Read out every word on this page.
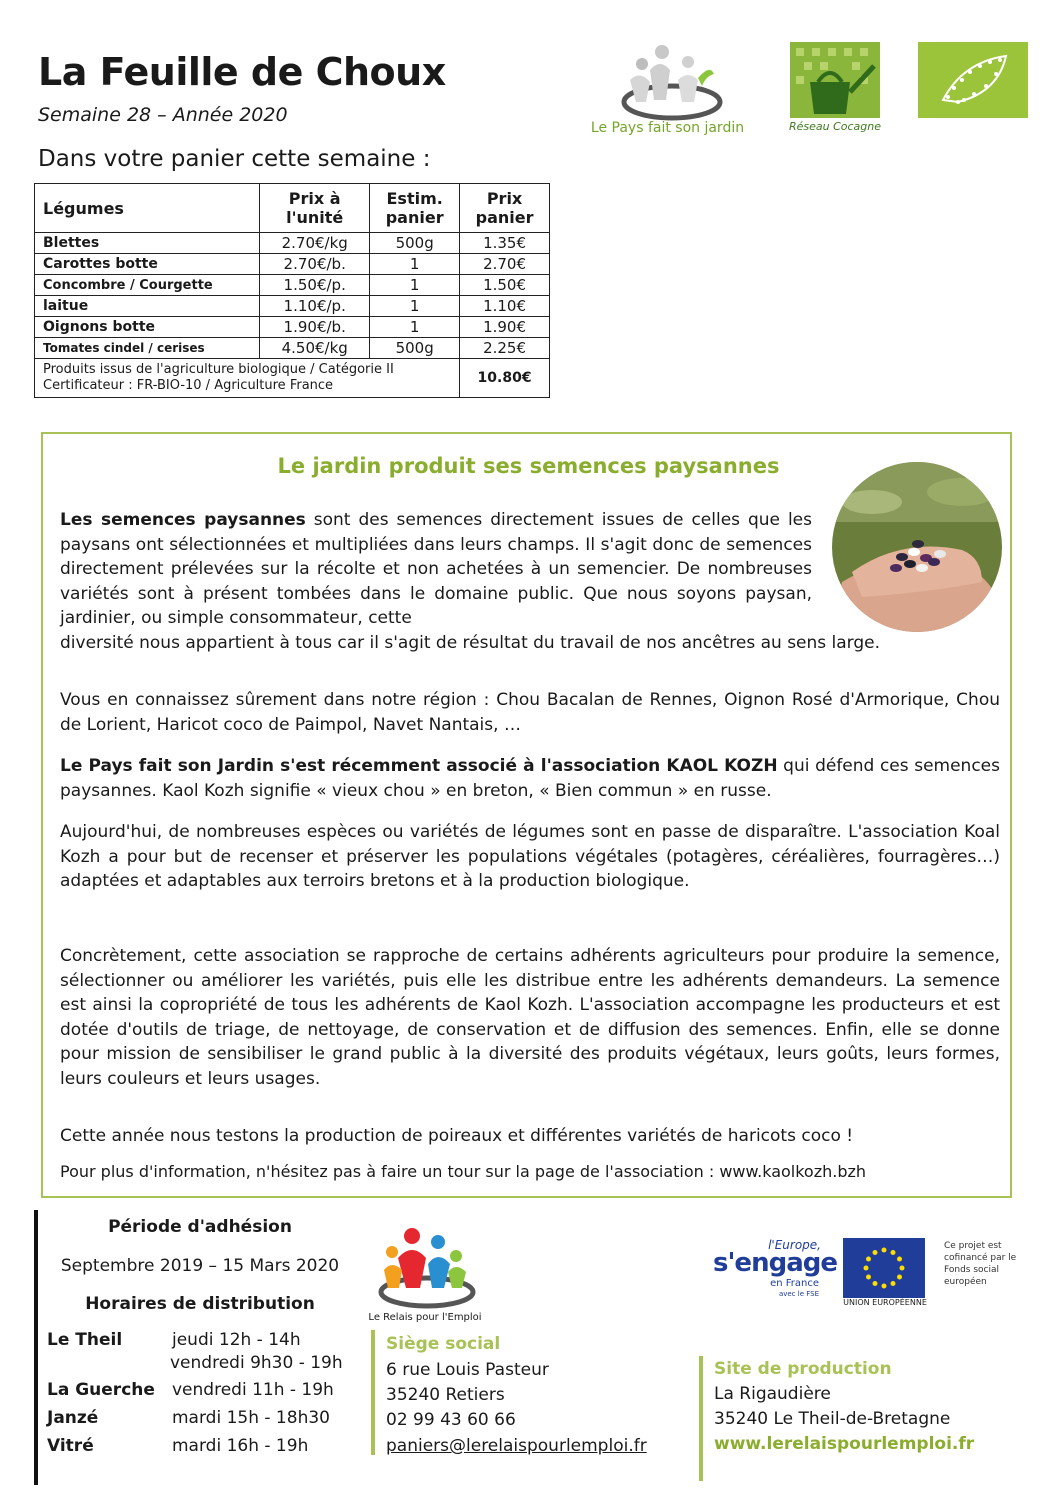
La Feuille de Choux
Semaine 28 – Année 2020
Dans votre panier cette semaine :
Le Pays fait son jardin	Réseau Cocagne
Légumes	Prix à l'unité	Estim. panier	Prix panier
Blettes	2.70€/kg	500g	1.35€
Carottes botte	2.70€/b.	1	2.70€
Concombre / Courgette	1.50€/p.	1	1.50€
laitue	1.10€/p.	1	1.10€
Oignons botte	1.90€/b.	1	1.90€
Tomates cindel / cerises	4.50€/kg	500g	2.25€

Produits issus de l'agriculture biologique / Catégorie II
Certificateur : FR-BIO-10 / Agriculture France			10.80€
Le jardin produit ses semences paysannes
Les semences paysannes sont des semences directement issues de celles que les paysans ont sélectionnées et multipliées dans leurs champs. Il s'agit donc de semences directement prélevées sur la récolte et non achetées à un semencier. De nombreuses variétés sont à présent tombées dans le domaine public. Que nous soyons paysan, jardinier, ou simple consommateur, cette
diversité nous appartient à tous car il s'agit de résultat du travail de nos ancêtres au sens large.
Vous en connaissez sûrement dans notre région : Chou Bacalan de Rennes, Oignon Rosé d'Armorique, Chou de Lorient, Haricot coco de Paimpol, Navet Nantais, …
Le Pays fait son Jardin s'est récemment associé à l'association KAOL KOZH qui défend ces semences paysannes. Kaol Kozh signifie « vieux chou » en breton, « Bien commun » en russe.
Aujourd'hui, de nombreuses espèces ou variétés de légumes sont en passe de disparaître. L'association Koal Kozh a pour but de recenser et préserver les populations végétales (potagères, céréalières, fourragères…) adaptées et adaptables aux terroirs bretons et à la production biologique.
Concrètement, cette association se rapproche de certains adhérents agriculteurs pour produire la semence, sélectionner ou améliorer les variétés, puis elle les distribue entre les adhérents demandeurs. La semence est ainsi la copropriété de tous les adhérents de Kaol Kozh. L'association accompagne les producteurs et est dotée d'outils de triage, de nettoyage, de conservation et de diffusion des semences. Enfin, elle se donne pour mission de sensibiliser le grand public à la diversité des produits végétaux, leurs goûts, leurs formes, leurs couleurs et leurs usages.
Cette année nous testons la production de poireaux et différentes variétés de haricots coco !
Pour plus d'information, n'hésitez pas à faire un tour sur la page de l'association : www.kaolkozh.bzh
Période d'adhésion
Septembre 2019 – 15 Mars 2020
Horaires de distribution
Le Theil	jeudi 12h - 14h
vendredi 9h30 - 19h
La Guerche vendredi 11h - 19h
Janzé	mardi 15h - 18h30
Vitré	mardi 16h - 19h
Le Relais pour l'Emploi
Siège social
6 rue Louis Pasteur
35240 Retiers
02 99 43 60 66
paniers@lerelaispourlemploi.fr
Site de production
La Rigaudière
35240 Le Theil-de-Bretagne
www.lerelaispourlemploi.fr
l'Europe,
s'engage
en France
avec le FSE
UNION EUROPÉENNE
Ce projet est cofinancé par le Fonds social européen
